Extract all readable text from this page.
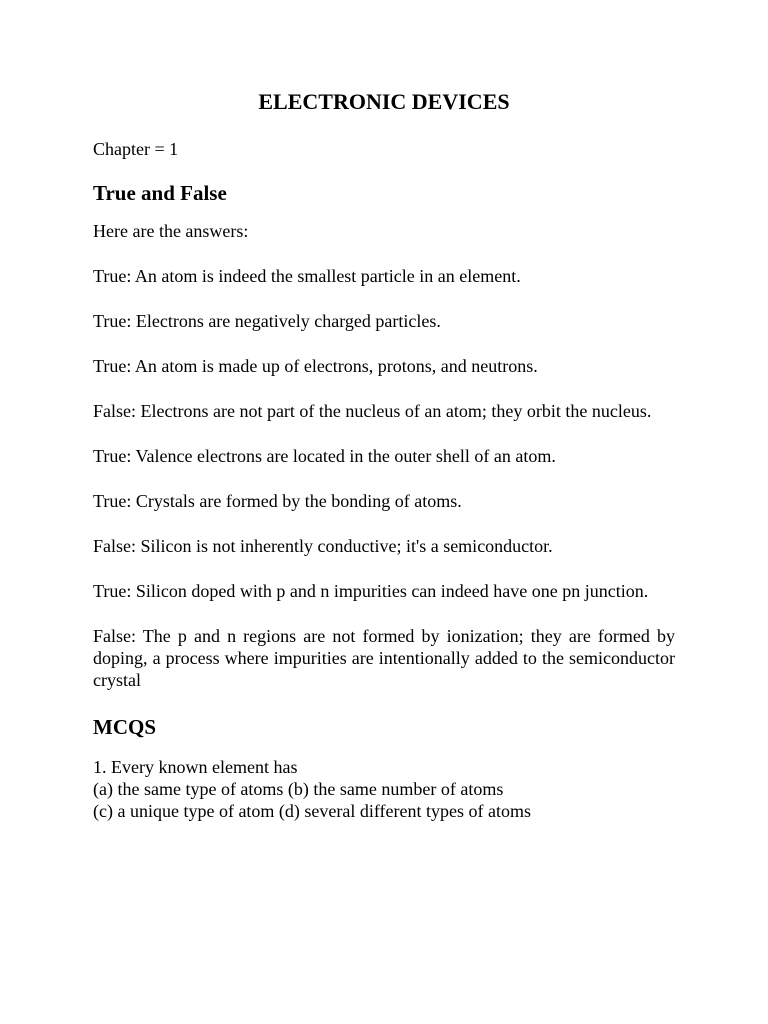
ELECTRONIC DEVICES

Chapter = 1

True and False

Here are the answers:

True: An atom is indeed the smallest particle in an element.

True: Electrons are negatively charged particles.

True: An atom is made up of electrons, protons, and neutrons.

False: Electrons are not part of the nucleus of an atom; they orbit the nucleus.

True: Valence electrons are located in the outer shell of an atom.

True: Crystals are formed by the bonding of atoms.

False: Silicon is not inherently conductive; it's a semiconductor.

True: Silicon doped with p and n impurities can indeed have one pn junction.

False: The p and n regions are not formed by ionization; they are formed by doping, a process where impurities are intentionally added to the semiconductor crystal

MCQS

1. Every known element has

(a) the same type of atoms (b) the same number of atoms

(c) a unique type of atom (d) several different types of atoms
